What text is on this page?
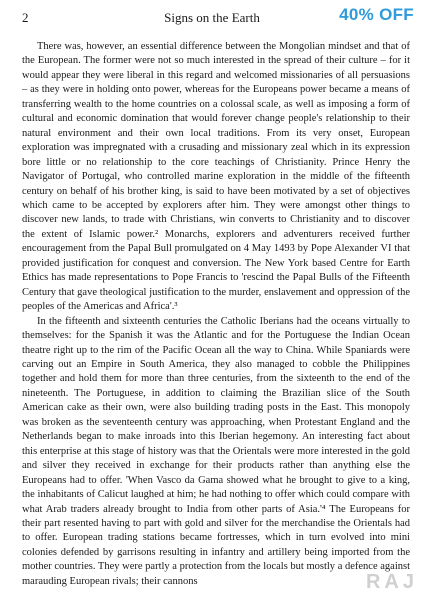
40% OFF
2	Signs on the Earth

There was, however, an essential difference between the Mongolian mindset and that of the European. The former were not so much interested in the spread of their culture – for it would appear they were liberal in this regard and welcomed missionaries of all persuasions – as they were in holding onto power, whereas for the Europeans power became a means of transferring wealth to the home countries on a colossal scale, as well as imposing a form of cultural and economic domination that would forever change people's relationship to their natural environment and their own local traditions. From its very onset, European exploration was impregnated with a crusading and missionary zeal which in its expression bore little or no relationship to the core teachings of Christianity. Prince Henry the Navigator of Portugal, who controlled marine exploration in the middle of the fifteenth century on behalf of his brother king, is said to have been motivated by a set of objectives which came to be accepted by explorers after him. They were amongst other things to discover new lands, to trade with Christians, win converts to Christianity and to discover the extent of Islamic power.² Monarchs, explorers and adventurers received further encouragement from the Papal Bull promulgated on 4 May 1493 by Pope Alexander VI that provided justification for conquest and conversion. The New York based Centre for Earth Ethics has made representations to Pope Francis to 'rescind the Papal Bulls of the Fifteenth Century that gave theological justification to the murder, enslavement and oppression of the peoples of the Americas and Africa'.³

In the fifteenth and sixteenth centuries the Catholic Iberians had the oceans virtually to themselves: for the Spanish it was the Atlantic and for the Portuguese the Indian Ocean theatre right up to the rim of the Pacific Ocean all the way to China. While Spaniards were carving out an Empire in South America, they also managed to cobble the Philippines together and hold them for more than three centuries, from the sixteenth to the end of the nineteenth. The Portuguese, in addition to claiming the Brazilian slice of the South American cake as their own, were also building trading posts in the East. This monopoly was broken as the seventeenth century was approaching, when Protestant England and the Netherlands began to make inroads into this Iberian hegemony. An interesting fact about this enterprise at this stage of history was that the Orientals were more interested in the gold and silver they received in exchange for their products rather than anything else the Europeans had to offer. 'When Vasco da Gama showed what he brought to give to a king, the inhabitants of Calicut laughed at him; he had nothing to offer which could compare with what Arab traders already brought to India from other parts of Asia.'⁴ The Europeans for their part resented having to part with gold and silver for the merchandise the Orientals had to offer. European trading stations became fortresses, which in turn evolved into mini colonies defended by garrisons resulting in infantry and artillery being imported from the mother countries. They were partly a protection from the locals but mostly a defence against marauding European rivals; their cannons	RAJ
